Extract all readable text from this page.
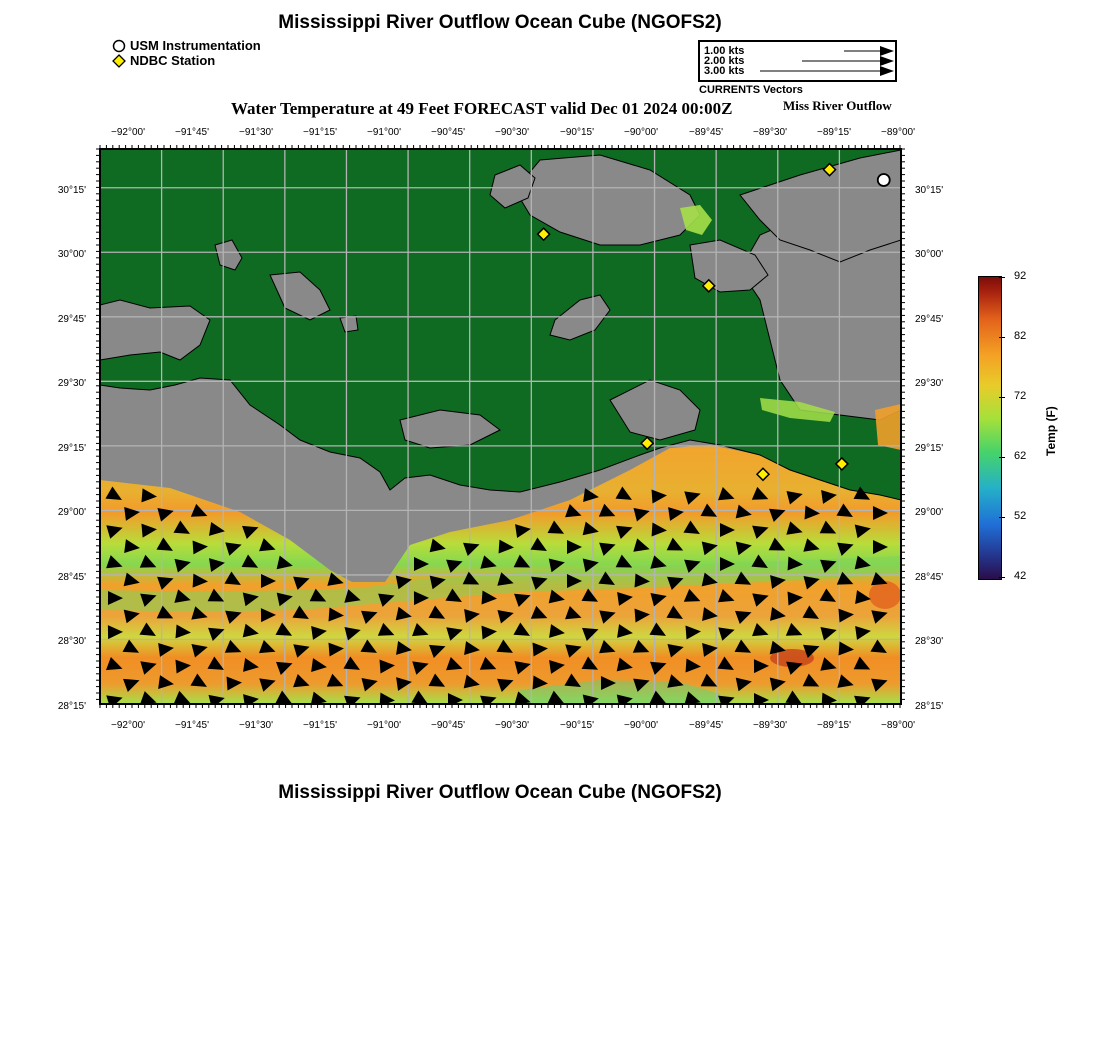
Mississippi River Outflow Ocean Cube (NGOFS2)
USM Instrumentation
NDBC Station
1.00 kts
2.00 kts
3.00 kts
CURRENTS Vectors
Water Temperature at 49 Feet FORECAST valid Dec 01 2024 00:00Z	Miss River Outflow
−92°00'	−91°45'	−91°30'	−91°15'	−91°00'	−90°45'	−90°30'	−90°15'	−90°00'	−89°45'	−89°30'	−89°15'	−89°00'
−92°00'	−91°45'	−91°30'	−91°15'	−91°00'	−90°45'	−90°30'	−90°15'	−90°00'	−89°45'	−89°30'	−89°15'	−89°00'
30°15'
30°00'
29°45'
29°30'
29°15'
29°00'
28°45'
28°30'
28°15'
30°15'
30°00'
29°45'
29°30'
29°15'
29°00'
28°45'
28°30'
28°15'
92
82
72
62
52
42
Temp (F)
Mississippi River Outflow Ocean Cube (NGOFS2)
